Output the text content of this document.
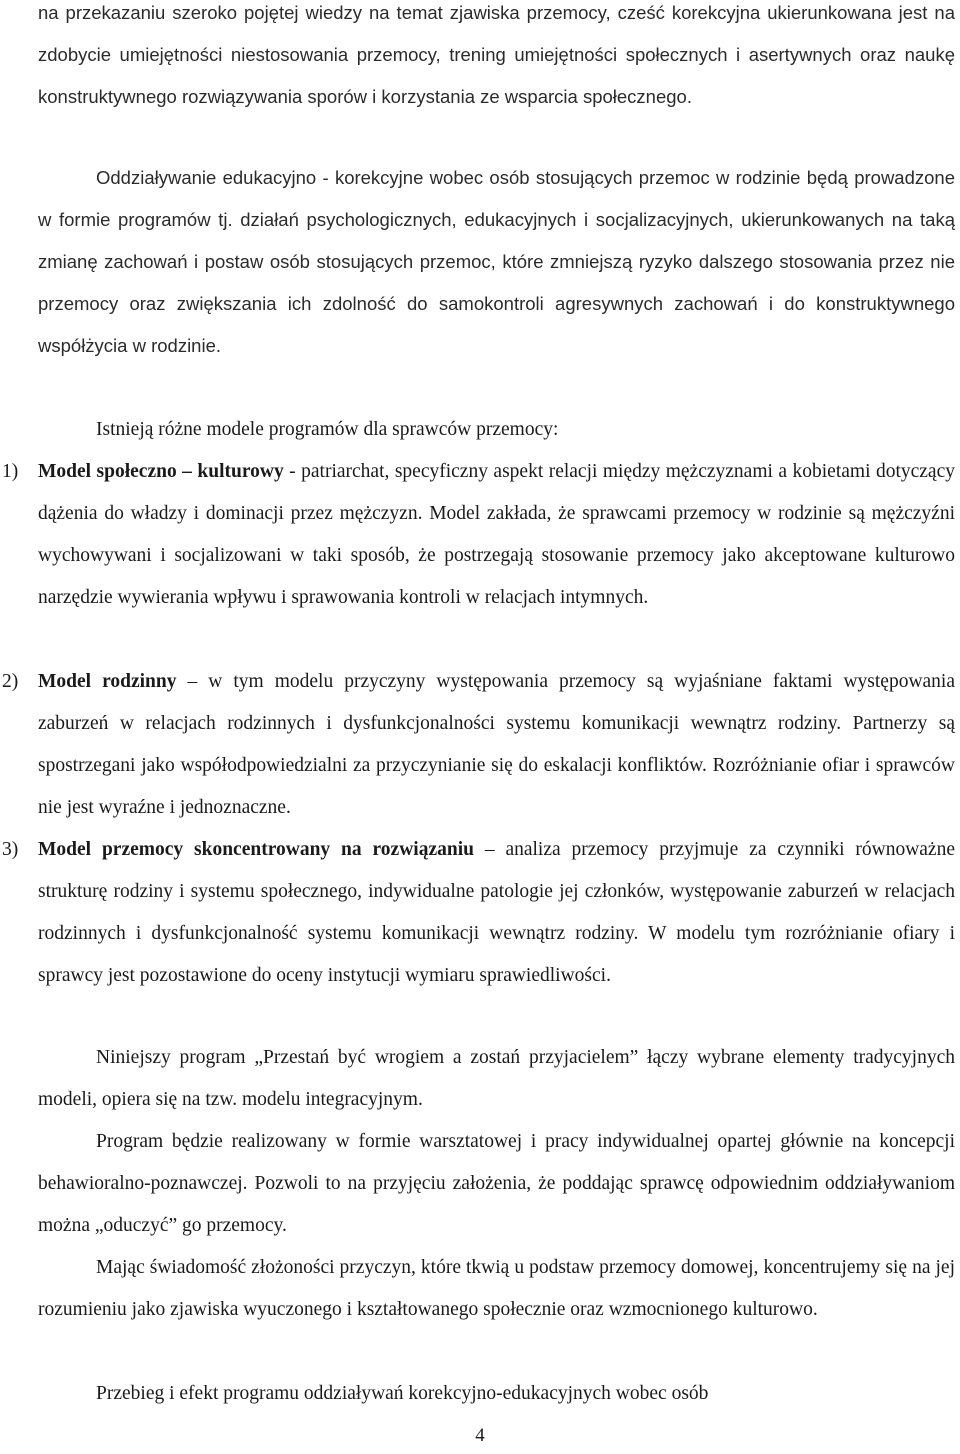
na przekazaniu szeroko pojętej wiedzy na temat zjawiska przemocy, cześć korekcyjna ukierunkowana jest na zdobycie umiejętności niestosowania przemocy, trening umiejętności społecznych i asertywnych oraz naukę konstruktywnego rozwiązywania sporów i korzystania ze wsparcia społecznego.

Oddziaływanie edukacyjno - korekcyjne wobec osób stosujących przemoc w rodzinie będą prowadzone w formie programów tj. działań psychologicznych, edukacyjnych i socjalizacyjnych, ukierunkowanych na taką zmianę zachowań i postaw osób stosujących przemoc, które zmniejszą ryzyko dalszego stosowania przez nie przemocy oraz zwiększania ich zdolność do samokontroli agresywnych zachowań i do konstruktywnego współżycia w rodzinie.

Istnieją różne modele programów dla sprawców przemocy:

1) Model społeczno – kulturowy - patriarchat, specyficzny aspekt relacji między mężczyznami a kobietami dotyczący dążenia do władzy i dominacji przez mężczyzn. Model zakłada, że sprawcami przemocy w rodzinie są mężczyźni wychowywani i socjalizowani w taki sposób, że postrzegają stosowanie przemocy jako akceptowane kulturowo narzędzie wywierania wpływu i sprawowania kontroli w relacjach intymnych.

2) Model rodzinny – w tym modelu przyczyny występowania przemocy są wyjaśniane faktami występowania zaburzeń w relacjach rodzinnych i dysfunkcjonalności systemu komunikacji wewnątrz rodziny. Partnerzy są spostrzegani jako współodpowiedzialni za przyczynianie się do eskalacji konfliktów. Rozróżnianie ofiar i sprawców nie jest wyraźne i jednoznaczne.

3) Model przemocy skoncentrowany na rozwiązaniu – analiza przemocy przyjmuje za czynniki równoważne strukturę rodziny i systemu społecznego, indywidualne patologie jej członków, występowanie zaburzeń w relacjach rodzinnych i dysfunkcjonalność systemu komunikacji wewnątrz rodziny. W modelu tym rozróżnianie ofiary i sprawcy jest pozostawione do oceny instytucji wymiaru sprawiedliwości.

Niniejszy program „Przestań być wrogiem a zostań przyjacielem” łączy wybrane elementy tradycyjnych modeli, opiera się na tzw. modelu integracyjnym.

Program będzie realizowany w formie warsztatowej i pracy indywidualnej opartej głównie na koncepcji behawioralno-poznawczej. Pozwoli to na przyjęciu założenia, że poddając sprawcę odpowiednim oddziaływaniom można „oduczyć” go przemocy.

Mając świadomość złożoności przyczyn, które tkwią u podstaw przemocy domowej, koncentrujemy się na jej rozumieniu jako zjawiska wyuczonego i kształtowanego społecznie oraz wzmocnionego kulturowo.

Przebieg i efekt programu oddziaływań korekcyjno-edukacyjnych wobec osób

4
